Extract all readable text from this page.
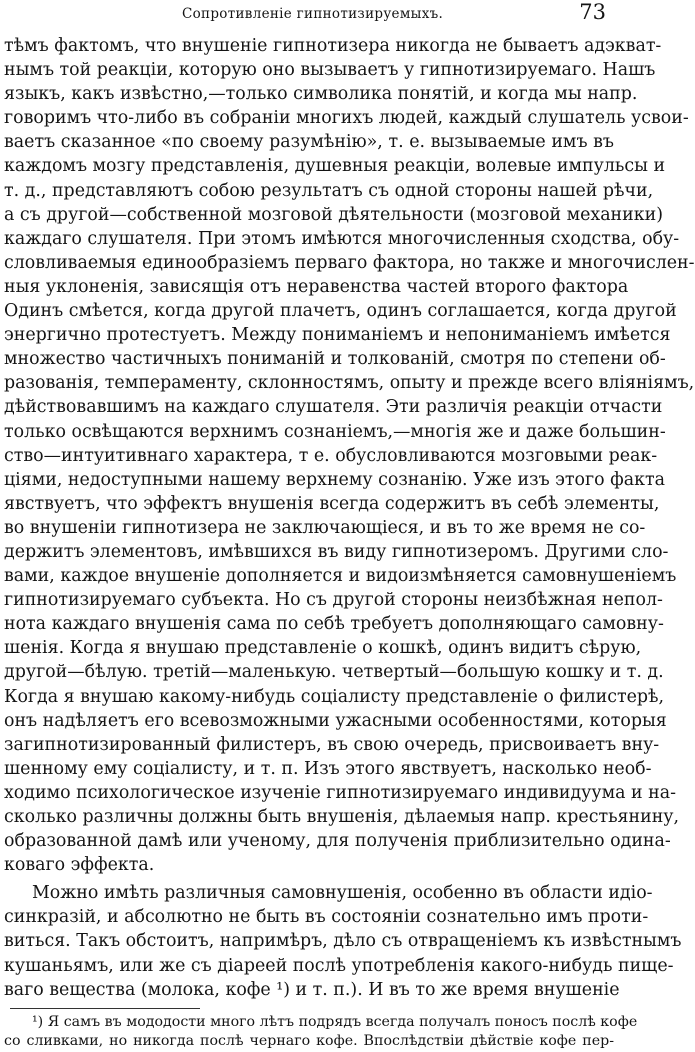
Сопротивленіе гипнотизируемыхъ.	73
тѣмъ фактомъ, что внушеніе гипнотизера никогда не бываетъ адэкват-
нымъ той реакціи, которую оно вызываетъ у гипнотизируемаго. Нашъ
языкъ, какъ извѣстно,—только символика понятій, и когда мы напр.
говоримъ что-либо въ собраніи многихъ людей, каждый слушатель усвои-
ваетъ сказанное «по своему разумѣнію», т. е. вызываемые имъ въ
каждомъ мозгу представленія, душевныя реакціи, волевые импульсы и
т. д., представляютъ собою результатъ съ одной стороны нашей рѣчи,
а съ другой—собственной мозговой дѣятельности (мозговой механики)
каждаго слушателя. При этомъ имѣются многочисленныя сходства, обу-
словливаемыя единообразіемъ перваго фактора, но также и многочислен-
ныя уклоненія, зависящія отъ неравенства частей второго фактора
Одинъ смѣется, когда другой плачетъ, одинъ соглашается, когда другой
энергично протестуетъ. Между пониманіемъ и непониманіемъ имѣется
множество частичныхъ пониманій и толкованій, смотря по степени об-
разованія, темпераменту, склонностямъ, опыту и прежде всего вліяніямъ,
дѣйствовавшимъ на каждаго слушателя. Эти различія реакціи отчасти
только освѣщаются верхнимъ сознаніемъ,—многія же и даже большин-
ство—интуитивнаго характера, т е. обусловливаются мозговыми реак-
ціями, недоступными нашему верхнему сознанію. Уже изъ этого факта
явствуетъ, что эффектъ внушенія всегда содержитъ въ себѣ элементы,
во внушеніи гипнотизера не заключающіеся, и въ то же время не со-
держитъ элементовъ, имѣвшихся въ виду гипнотизеромъ. Другими сло-
вами, каждое внушеніе дополняется и видоизмѣняется самовнушеніемъ
гипнотизируемаго субъекта. Но съ другой стороны неизбѣжная непол-
нота каждаго внушенія сама по себѣ требуетъ дополняющаго самовну-
шенія. Когда я внушаю представленіе о кошкѣ, одинъ видитъ сѣрую,
другой—бѣлую. третій—маленькую. четвертый—большую кошку и т. д.
Когда я внушаю какому-нибудь соціалисту представленіе о филистерѣ,
онъ надѣляетъ его всевозможными ужасными особенностями, которыя
загипнотизированный филистеръ, въ свою очередь, присвоиваетъ вну-
шенному ему соціалисту, и т. п. Изъ этого явствуетъ, насколько необ-
ходимо психологическое изученіе гипнотизируемаго индивидуума и на-
сколько различны должны быть внушенія, дѣлаемыя напр. крестьянину,
образованной дамѣ или ученому, для полученія приблизительно одина-
коваго эффекта.
Можно имѣть различныя самовнушенія, особенно въ области идіо-
синкразій, и абсолютно не быть въ состояніи сознательно имъ проти-
виться. Такъ обстоитъ, напримѣръ, дѣло съ отвращеніемъ къ извѣстнымъ
кушаньямъ, или же съ діареей послѣ употребленія какого-нибудь пище-
ваго вещества (молока, кофе ¹) и т. п.). И въ то же время внушеніе
¹) Я самъ въ мододости много лѣтъ подрядъ всегда получалъ поносъ послѣ кофе
со сливками, но никогда послѣ чернаго кофе. Впослѣдствіи дѣйствіе кофе пер-
